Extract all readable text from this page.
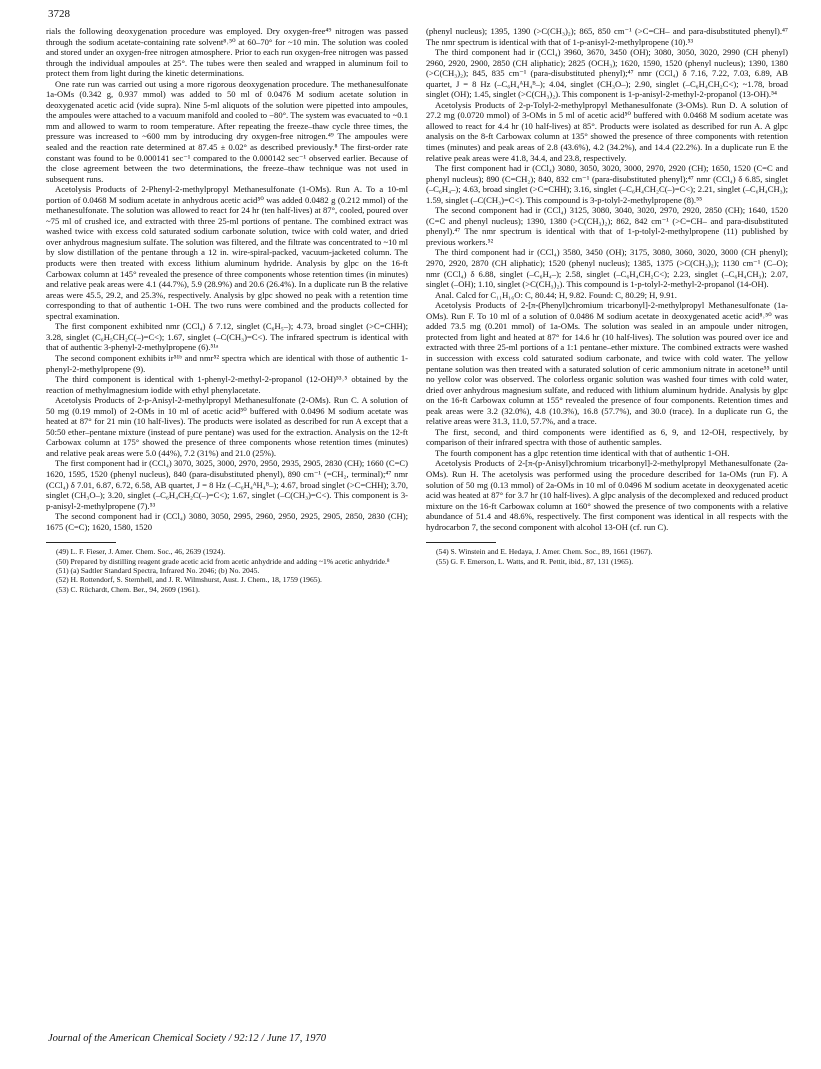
3728

rials the following deoxygenation procedure was employed. Dry oxygen-free⁴⁹ nitrogen was passed through the sodium acetate-containing rate solvent⁸˒⁵⁰ at 60–70° for ~10 min. The solution was cooled and stored under an oxygen-free nitrogen atmosphere. Prior to each run oxygen-free nitrogen was passed through the individual ampoules at 25°. The tubes were then sealed and wrapped in aluminum foil to protect them from light during the kinetic determinations.

One rate run was carried out using a more rigorous deoxygenation procedure. The methanesulfonate 1a-OMs (0.342 g, 0.937 mmol) was added to 50 ml of 0.0476 M sodium acetate solution in deoxygenated acetic acid (vide supra). Nine 5-ml aliquots of the solution were pipetted into ampoules, the ampoules were attached to a vacuum manifold and cooled to −80°. The system was evacuated to ~0.1 mm and allowed to warm to room temperature. After repeating the freeze–thaw cycle three times, the pressure was increased to ~600 mm by introducing dry oxygen-free nitrogen.⁴⁹ The ampoules were sealed and the reaction rate determined at 87.45 ± 0.02° as described previously.⁸ The first-order rate constant was found to be 0.000141 sec⁻¹ compared to the 0.000142 sec⁻¹ observed earlier. Because of the close agreement between the two determinations, the freeze–thaw technique was not used in subsequent runs.

Acetolysis Products of 2-Phenyl-2-methylpropyl Methanesulfonate (1-OMs). Run A. To a 10-ml portion of 0.0468 M sodium acetate in anhydrous acetic acid⁵⁰ was added 0.0482 g (0.212 mmol) of the methanesulfonate. The solution was allowed to react for 24 hr (ten half-lives) at 87°, cooled, poured over ~75 ml of crushed ice, and extracted with three 25-ml portions of pentane. The combined extract was washed twice with excess cold saturated sodium carbonate solution, twice with cold water, and dried over anhydrous magnesium sulfate. The solution was filtered, and the filtrate was concentrated to ~10 ml by slow distillation of the pentane through a 12 in. wire-spiral-packed, vacuum-jacketed column. The products were then treated with excess lithium aluminum hydride. Analysis by glpc on the 16-ft Carbowax column at 145° revealed the presence of three components whose retention times (in minutes) and relative peak areas were 4.1 (44.7%), 5.9 (28.9%) and 20.6 (26.4%). In a duplicate run B the relative areas were 45.5, 29.2, and 25.3%, respectively. Analysis by glpc showed no peak with a retention time corresponding to that of authentic 1-OH. The two runs were combined and the products collected for spectral examination.

The first component exhibited nmr (CCl₄) δ 7.12, singlet (C₆H₅–); 4.73, broad singlet (>C=CHH); 3.28, singlet (C₆H₅CH₂C(–)=C<); 1.67, singlet (–C(CH₃)=C<). The infrared spectrum is identical with that of authentic 3-phenyl-2-methylpropene (6).⁵¹ᵃ

The second component exhibits ir⁵¹ᵇ and nmr⁵² spectra which are identical with those of authentic 1-phenyl-2-methylpropene (9).

The third component is identical with 1-phenyl-2-methyl-2-propanol (12-OH)⁵³˒⁵ obtained by the reaction of methylmagnesium iodide with ethyl phenylacetate.

Acetolysis Products of 2-p-Anisyl-2-methylpropyl Methanesulfonate (2-OMs). Run C. A solution of 50 mg (0.19 mmol) of 2-OMs in 10 ml of acetic acid⁵⁰ buffered with 0.0496 M sodium acetate was heated at 87° for 21 min (10 half-lives). The products were isolated as described for run A except that a 50:50 ether–pentane mixture (instead of pure pentane) was used for the extraction. Analysis on the 12-ft Carbowax column at 175° showed the presence of three components whose retention times (minutes) and relative peak areas were 5.0 (44%), 7.2 (31%) and 21.0 (25%).

The first component had ir (CCl₄) 3070, 3025, 3000, 2970, 2950, 2935, 2905, 2830 (CH); 1660 (C=C) 1620, 1595, 1520 (phenyl nucleus), 840 (para-disubstituted phenyl), 890 cm⁻¹ (=CH₂, terminal);⁴⁷ nmr (CCl₄) δ 7.01, 6.87, 6.72, 6.58, AB quartet, J = 8 Hz (–C₆H₄ᴬH₄ᴮ–); 4.67, broad singlet (>C=CHH); 3.70, singlet (CH₃O–); 3.20, singlet (–C₆H₄CH₂C(–)=C<); 1.67, singlet (–C(CH₃)=C<). This component is 3-p-anisyl-2-methylpropene (7).⁵³

The second component had ir (CCl₄) 3080, 3050, 2995, 2960, 2950, 2925, 2905, 2850, 2830 (CH); 1675 (C=C); 1620, 1580, 1520

(49) L. F. Fieser, J. Amer. Chem. Soc., 46, 2639 (1924).

(50) Prepared by distilling reagent grade acetic acid from acetic anhydride and adding ~1% acetic anhydride.⁸

(51) (a) Sadtler Standard Spectra, Infrared No. 2046; (b) No. 2045.

(52) H. Rottendorf, S. Sternhell, and J. R. Wilmshurst, Aust. J. Chem., 18, 1759 (1965).

(53) C. Rüchardt, Chem. Ber., 94, 2609 (1961).

(phenyl nucleus); 1395, 1390 (>C(CH₃)₂); 865, 850 cm⁻¹ (>C=CH– and para-disubstituted phenyl).⁴⁷ The nmr spectrum is identical with that of 1-p-anisyl-2-methylpropene (10).⁵³

The third component had ir (CCl₄) 3960, 3670, 3450 (OH); 3080, 3050, 3020, 2990 (CH phenyl) 2960, 2920, 2900, 2850 (CH aliphatic); 2825 (OCH₃); 1620, 1590, 1520 (phenyl nucleus); 1390, 1380 (>C(CH₃)₂); 845, 835 cm⁻¹ (para-disubstituted phenyl);⁴⁷ nmr (CCl₄) δ 7.16, 7.22, 7.03, 6.89, AB quartet, J = 8 Hz (–C₆H₄ᴬH₄ᴮ–); 4.04, singlet (CH₃O–); 2.90, singlet (–C₆H₄CH₂C<); ~1.78, broad singlet (OH); 1.45, singlet (>C(CH₃)₂). This component is 1-p-anisyl-2-methyl-2-propanol (13-OH).⁵⁴

Acetolysis Products of 2-p-Tolyl-2-methylpropyl Methanesulfonate (3-OMs). Run D. A solution of 27.2 mg (0.0720 mmol) of 3-OMs in 5 ml of acetic acid⁵⁰ buffered with 0.0468 M sodium acetate was allowed to react for 4.4 hr (10 half-lives) at 85°. Products were isolated as described for run A. A glpc analysis on the 8-ft Carbowax column at 135° showed the presence of three components with retention times (minutes) and peak areas of 2.8 (43.6%), 4.2 (34.2%), and 14.4 (22.2%). In a duplicate run E the relative peak areas were 41.8, 34.4, and 23.8, respectively.

The first component had ir (CCl₄) 3080, 3050, 3020, 3000, 2970, 2920 (CH); 1650, 1520 (C=C and phenyl nucleus); 890 (C=CH₂); 840, 832 cm⁻¹ (para-disubstituted phenyl);⁴⁷ nmr (CCl₄) δ 6.85, singlet (–C₆H₄–); 4.63, broad singlet (>C=CHH); 3.16, singlet (–C₆H₄CH₂C(–)=C<); 2.21, singlet (–C₆H₄CH₃); 1.59, singlet (–C(CH₃)=C<). This compound is 3-p-tolyl-2-methylpropene (8).⁵⁵

The second component had ir (CCl₄) 3125, 3080, 3040, 3020, 2970, 2920, 2850 (CH); 1640, 1520 (C=C and phenyl nucleus); 1390, 1380 (>C(CH₃)₂); 862, 842 cm⁻¹ (>C=CH– and para-disubstituted phenyl).⁴⁷ The nmr spectrum is identical with that of 1-p-tolyl-2-methylpropene (11) published by previous workers.⁵²

The third component had ir (CCl₄) 3580, 3450 (OH); 3175, 3080, 3060, 3020, 3000 (CH phenyl); 2970, 2920, 2870 (CH aliphatic); 1520 (phenyl nucleus); 1385, 1375 (>C(CH₃)₂); 1130 cm⁻¹ (C–O); nmr (CCl₄) δ 6.88, singlet (–C₆H₄–); 2.58, singlet (–C₆H₄CH₂C<); 2.23, singlet (–C₆H₄CH₃); 2.07, singlet (–OH); 1.10, singlet (>C(CH₃)₂). This compound is 1-p-tolyl-2-methyl-2-propanol (14-OH).

Anal. Calcd for C₁₁H₁₆O: C, 80.44; H, 9.82. Found: C, 80.29; H, 9.91.

Acetolysis Products of 2-[π-(Phenyl)chromium tricarbonyl]-2-methylpropyl Methanesulfonate (1a-OMs). Run F. To 10 ml of a solution of 0.0486 M sodium acetate in deoxygenated acetic acid⁸˒⁵⁰ was added 73.5 mg (0.201 mmol) of 1a-OMs. The solution was sealed in an ampoule under nitrogen, protected from light and heated at 87° for 14.6 hr (10 half-lives). The solution was poured over ice and extracted with three 25-ml portions of a 1:1 pentane–ether mixture. The combined extracts were washed in succession with excess cold saturated sodium carbonate, and twice with cold water. The yellow pentane solution was then treated with a saturated solution of ceric ammonium nitrate in acetone⁵⁵ until no yellow color was observed. The colorless organic solution was washed four times with cold water, dried over anhydrous magnesium sulfate, and reduced with lithium aluminum hydride. Analysis by glpc on the 16-ft Carbowax column at 155° revealed the presence of four components. Retention times and peak areas were 3.2 (32.0%), 4.8 (10.3%), 16.8 (57.7%), and 30.0 (trace). In a duplicate run G, the relative areas were 31.3, 11.0, 57.7%, and a trace.

The first, second, and third components were identified as 6, 9, and 12-OH, respectively, by comparison of their infrared spectra with those of authentic samples.

The fourth component has a glpc retention time identical with that of authentic 1-OH.

Acetolysis Products of 2-[π-(p-Anisyl)chromium tricarbonyl]-2-methylpropyl Methanesulfonate (2a-OMs). Run H. The acetolysis was performed using the procedure described for 1a-OMs (run F). A solution of 50 mg (0.13 mmol) of 2a-OMs in 10 ml of 0.0496 M sodium acetate in deoxygenated acetic acid was heated at 87° for 3.7 hr (10 half-lives). A glpc analysis of the decomplexed and reduced product mixture on the 16-ft Carbowax column at 160° showed the presence of two components with a relative abundance of 51.4 and 48.6%, respectively. The first component was identical in all respects with the hydrocarbon 7, the second component with alcohol 13-OH (cf. run C).

(54) S. Winstein and E. Hedaya, J. Amer. Chem. Soc., 89, 1661 (1967).

(55) G. F. Emerson, L. Watts, and R. Pettit, ibid., 87, 131 (1965).

Journal of the American Chemical Society / 92:12 / June 17, 1970
